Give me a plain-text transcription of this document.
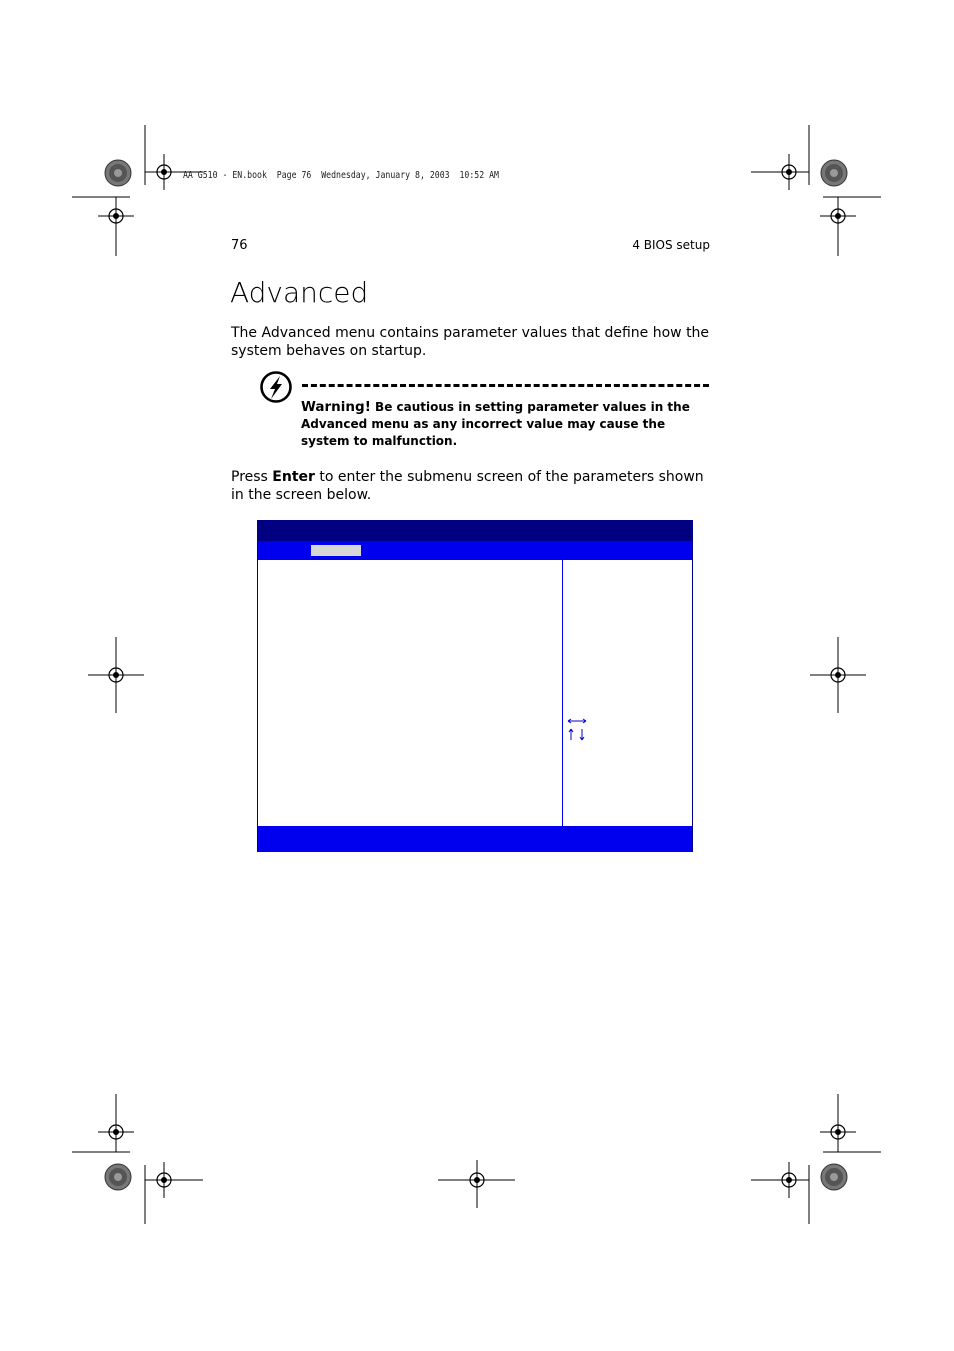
AA G510 - EN.book  Page 76  Wednesday, January 8, 2003  10:52 AM
76	4 BIOS setup
Advanced
The Advanced menu contains parameter values that define how the system behaves on startup.
Warning! Be cautious in setting parameter values in the Advanced menu as any incorrect value may cause the system to malfunction.
Press Enter to enter the submenu screen of the parameters shown in the screen below.
